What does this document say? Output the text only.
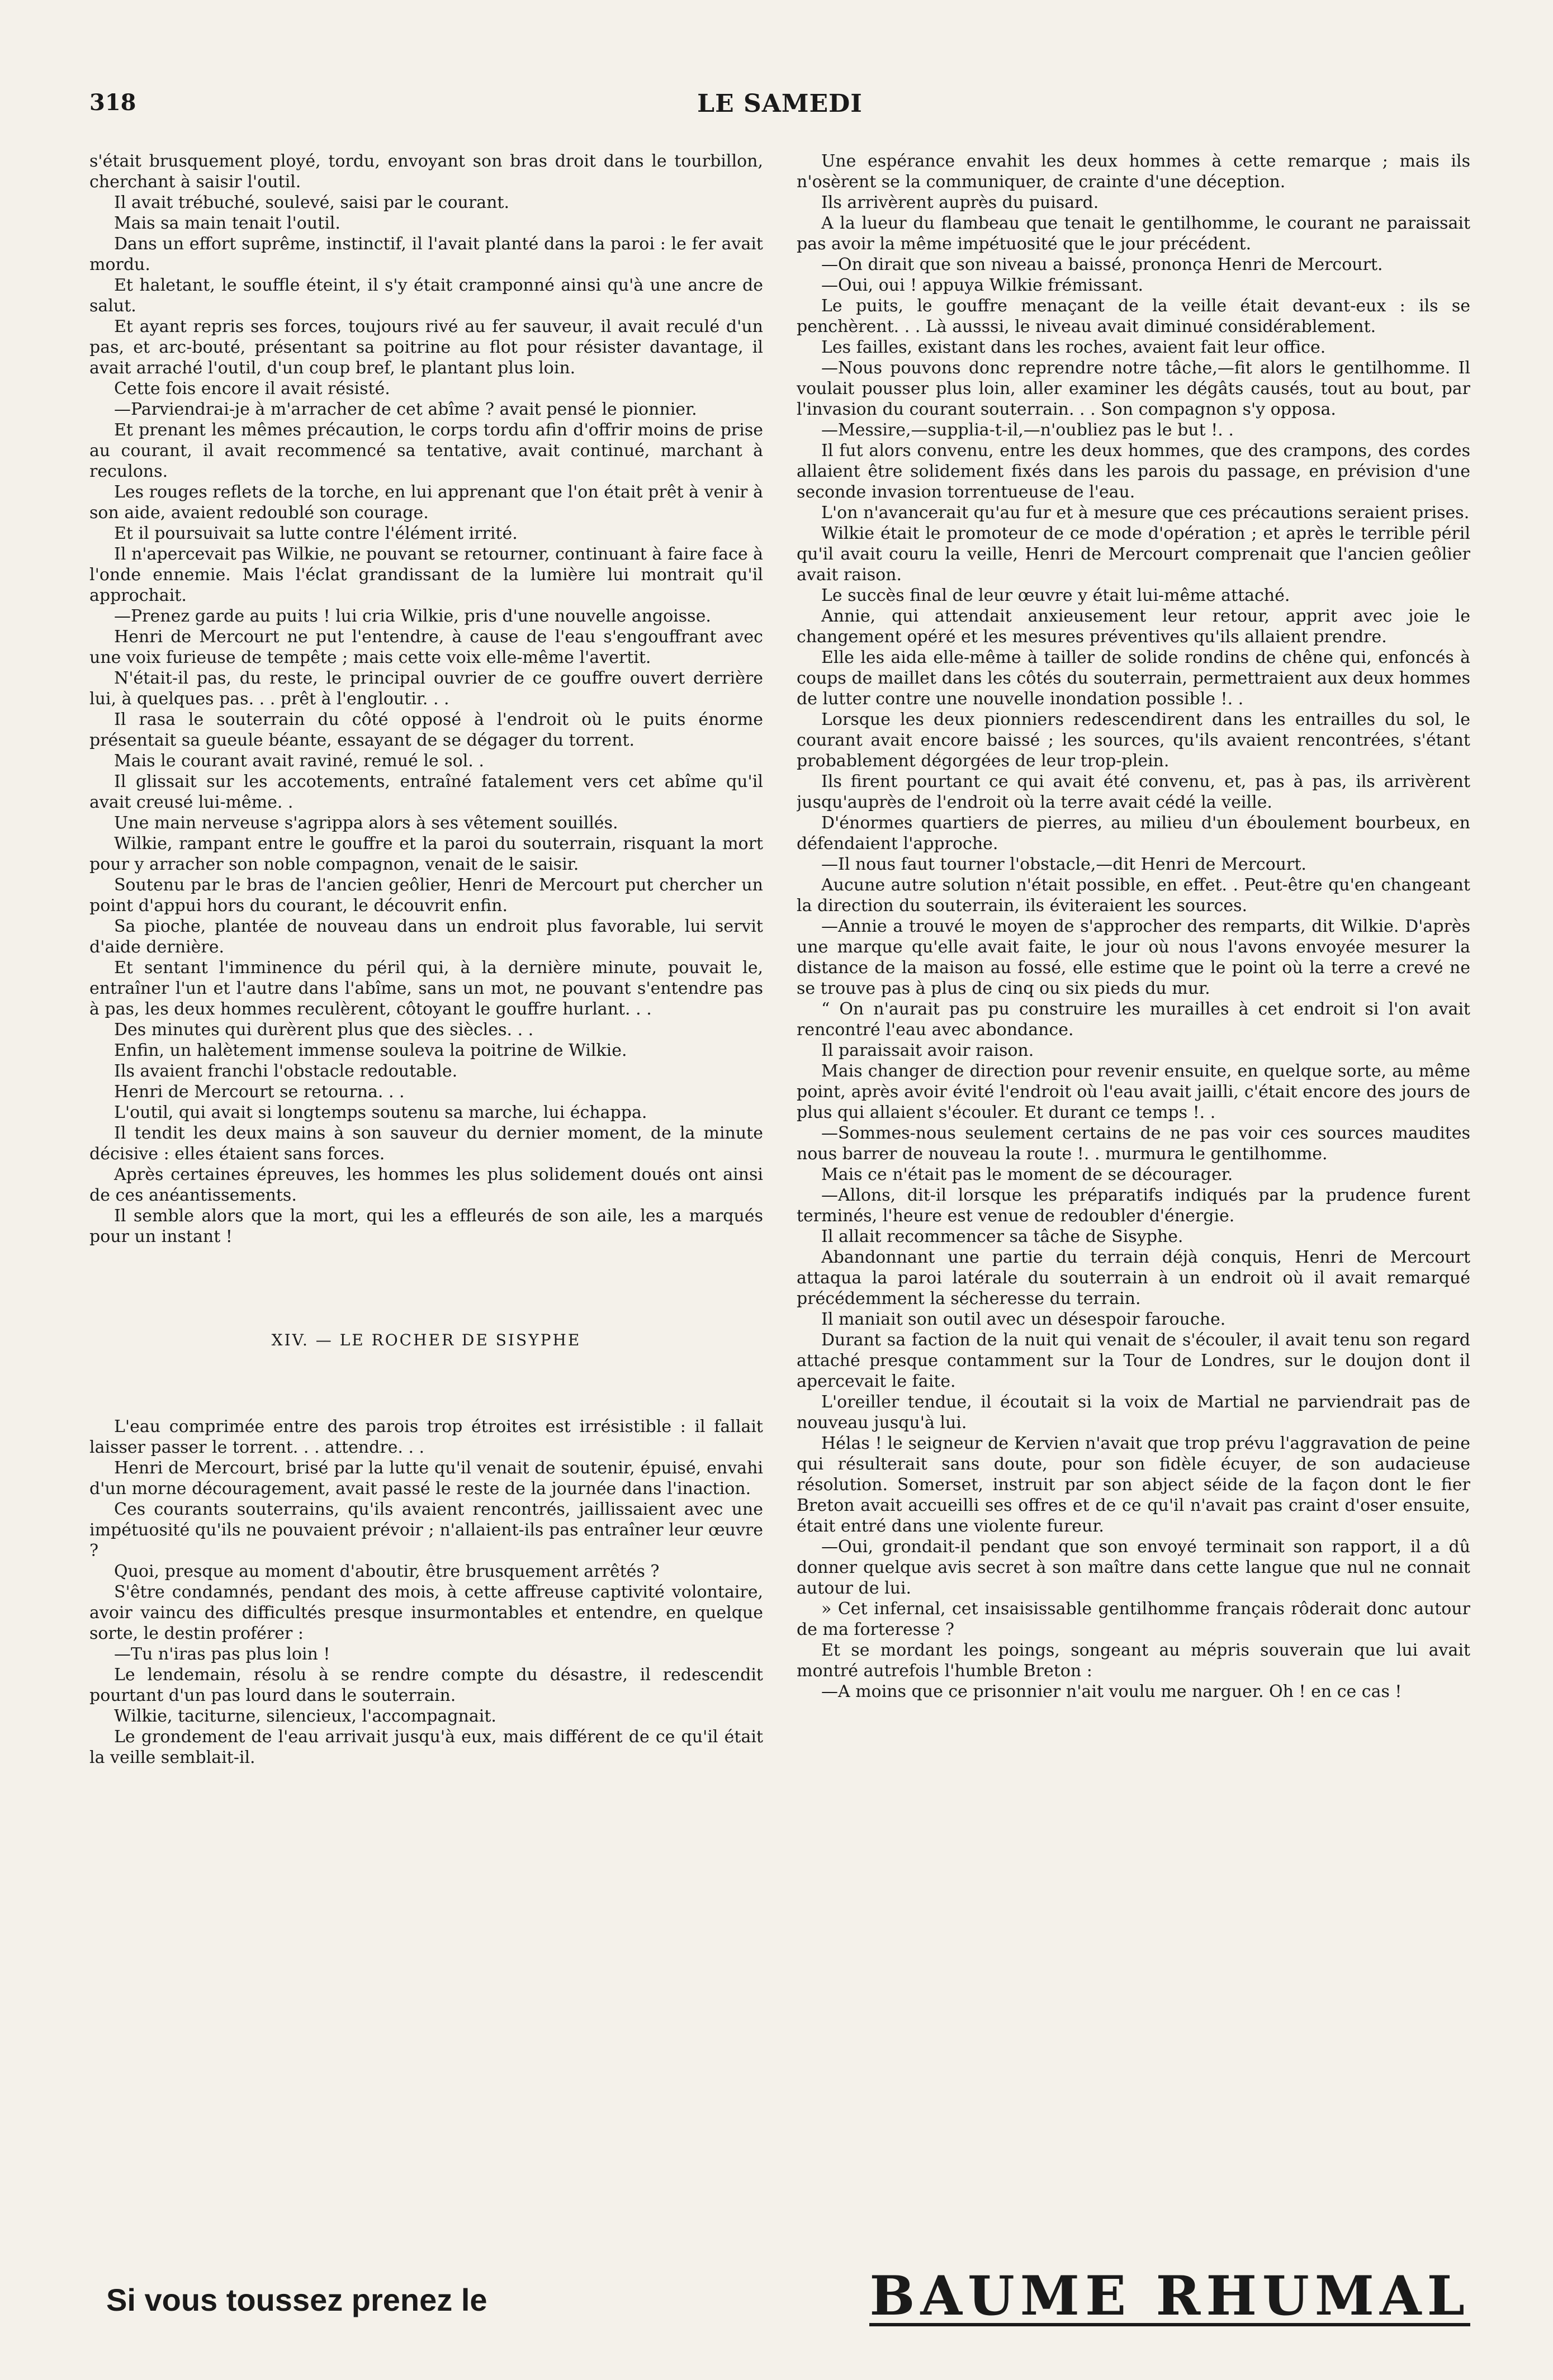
318	LE SAMEDI

s'était brusquement ployé, tordu, envoyant son bras droit dans le tourbillon, cherchant à saisir l'outil.

Il avait trébuché, soulevé, saisi par le courant.

Mais sa main tenait l'outil.

Dans un effort suprême, instinctif, il l'avait planté dans la paroi : le fer avait mordu.

Et haletant, le souffle éteint, il s'y était cramponné ainsi qu'à une ancre de salut.

Et ayant repris ses forces, toujours rivé au fer sauveur, il avait reculé d'un pas, et arc-bouté, présentant sa poitrine au flot pour résister davantage, il avait arraché l'outil, d'un coup bref, le plantant plus loin.

Cette fois encore il avait résisté.

—Parviendrai-je à m'arracher de cet abîme ? avait pensé le pionnier.

Et prenant les mêmes précaution, le corps tordu afin d'offrir moins de prise au courant, il avait recommencé sa tentative, avait continué, marchant à reculons.

Les rouges reflets de la torche, en lui apprenant que l'on était prêt à venir à son aide, avaient redoublé son courage.

Et il poursuivait sa lutte contre l'élément irrité.

Il n'apercevait pas Wilkie, ne pouvant se retourner, continuant à faire face à l'onde ennemie. Mais l'éclat grandissant de la lumière lui montrait qu'il approchait.

—Prenez garde au puits ! lui cria Wilkie, pris d'une nouvelle angoisse.

Henri de Mercourt ne put l'entendre, à cause de l'eau s'engouffrant avec une voix furieuse de tempête ; mais cette voix elle-même l'avertit.

N'était-il pas, du reste, le principal ouvrier de ce gouffre ouvert derrière lui, à quelques pas. . . prêt à l'engloutir. . .

Il rasa le souterrain du côté opposé à l'endroit où le puits énorme présentait sa gueule béante, essayant de se dégager du torrent.

Mais le courant avait raviné, remué le sol. .

Il glissait sur les accotements, entraîné fatalement vers cet abîme qu'il avait creusé lui-même. .

Une main nerveuse s'agrippa alors à ses vêtement souillés.

Wilkie, rampant entre le gouffre et la paroi du souterrain, risquant la mort pour y arracher son noble compagnon, venait de le saisir.

Soutenu par le bras de l'ancien geôlier, Henri de Mercourt put chercher un point d'appui hors du courant, le découvrit enfin.

Sa pioche, plantée de nouveau dans un endroit plus favorable, lui servit d'aide dernière.

Et sentant l'imminence du péril qui, à la dernière minute, pouvait le, entraîner l'un et l'autre dans l'abîme, sans un mot, ne pouvant s'entendre pas à pas, les deux hommes reculèrent, côtoyant le gouffre hurlant. . .

Des minutes qui durèrent plus que des siècles. . .

Enfin, un halètement immense souleva la poitrine de Wilkie.

Ils avaient franchi l'obstacle redoutable.

Henri de Mercourt se retourna. . .

L'outil, qui avait si longtemps soutenu sa marche, lui échappa.

Il tendit les deux mains à son sauveur du dernier moment, de la minute décisive : elles étaient sans forces.

Après certaines épreuves, les hommes les plus solidement doués ont ainsi de ces anéantissements.

Il semble alors que la mort, qui les a effleurés de son aile, les a marqués pour un instant !

XIV. — LE ROCHER DE SISYPHE

L'eau comprimée entre des parois trop étroites est irrésistible : il fallait laisser passer le torrent. . . attendre. . .

Henri de Mercourt, brisé par la lutte qu'il venait de soutenir, épuisé, envahi d'un morne découragement, avait passé le reste de la journée dans l'inaction.

Ces courants souterrains, qu'ils avaient rencontrés, jaillissaient avec une impétuosité qu'ils ne pouvaient prévoir ; n'allaient-ils pas entraîner leur œuvre ?

Quoi, presque au moment d'aboutir, être brusquement arrêtés ?

S'être condamnés, pendant des mois, à cette affreuse captivité volontaire, avoir vaincu des difficultés presque insurmontables et entendre, en quelque sorte, le destin proférer :

—Tu n'iras pas plus loin !

Le lendemain, résolu à se rendre compte du désastre, il redescendit pourtant d'un pas lourd dans le souterrain.

Wilkie, taciturne, silencieux, l'accompagnait.

Le grondement de l'eau arrivait jusqu'à eux, mais différent de ce qu'il était la veille semblait-il.

Une espérance envahit les deux hommes à cette remarque ; mais ils n'osèrent se la communiquer, de crainte d'une déception.

Ils arrivèrent auprès du puisard.

A la lueur du flambeau que tenait le gentilhomme, le courant ne paraissait pas avoir la même impétuosité que le jour précédent.

—On dirait que son niveau a baissé, prononça Henri de Mercourt.

—Oui, oui ! appuya Wilkie frémissant.

Le puits, le gouffre menaçant de la veille était devant-eux : ils se penchèrent. . . Là ausssi, le niveau avait diminué considérablement.

Les failles, existant dans les roches, avaient fait leur office.

—Nous pouvons donc reprendre notre tâche,—fit alors le gentilhomme. Il voulait pousser plus loin, aller examiner les dégâts causés, tout au bout, par l'invasion du courant souterrain. . . Son compagnon s'y opposa.

—Messire,—supplia-t-il,—n'oubliez pas le but !. .

Il fut alors convenu, entre les deux hommes, que des crampons, des cordes allaient être solidement fixés dans les parois du passage, en prévision d'une seconde invasion torrentueuse de l'eau.

L'on n'avancerait qu'au fur et à mesure que ces précautions seraient prises.

Wilkie était le promoteur de ce mode d'opération ; et après le terrible péril qu'il avait couru la veille, Henri de Mercourt comprenait que l'ancien geôlier avait raison.

Le succès final de leur œuvre y était lui-même attaché.

Annie, qui attendait anxieusement leur retour, apprit avec joie le changement opéré et les mesures préventives qu'ils allaient prendre.

Elle les aida elle-même à tailler de solide rondins de chêne qui, enfoncés à coups de maillet dans les côtés du souterrain, permettraient aux deux hommes de lutter contre une nouvelle inondation possible !. .

Lorsque les deux pionniers redescendirent dans les entrailles du sol, le courant avait encore baissé ; les sources, qu'ils avaient rencontrées, s'étant probablement dégorgées de leur trop-plein.

Ils firent pourtant ce qui avait été convenu, et, pas à pas, ils arrivèrent jusqu'auprès de l'endroit où la terre avait cédé la veille.

D'énormes quartiers de pierres, au milieu d'un éboulement bourbeux, en défendaient l'approche.

—Il nous faut tourner l'obstacle,—dit Henri de Mercourt.

Aucune autre solution n'était possible, en effet. . Peut-être qu'en changeant la direction du souterrain, ils éviteraient les sources.

—Annie a trouvé le moyen de s'approcher des remparts, dit Wilkie. D'après une marque qu'elle avait faite, le jour où nous l'avons envoyée mesurer la distance de la maison au fossé, elle estime que le point où la terre a crevé ne se trouve pas à plus de cinq ou six pieds du mur.

“ On n'aurait pas pu construire les murailles à cet endroit si l'on avait rencontré l'eau avec abondance.

Il paraissait avoir raison.

Mais changer de direction pour revenir ensuite, en quelque sorte, au même point, après avoir évité l'endroit où l'eau avait jailli, c'était encore des jours de plus qui allaient s'écouler. Et durant ce temps !. .

—Sommes-nous seulement certains de ne pas voir ces sources maudites nous barrer de nouveau la route !. . murmura le gentilhomme.

Mais ce n'était pas le moment de se décourager.

—Allons, dit-il lorsque les préparatifs indiqués par la prudence furent terminés, l'heure est venue de redoubler d'énergie.

Il allait recommencer sa tâche de Sisyphe.

Abandonnant une partie du terrain déjà conquis, Henri de Mercourt attaqua la paroi latérale du souterrain à un endroit où il avait remarqué précédemment la sécheresse du terrain.

Il maniait son outil avec un désespoir farouche.

Durant sa faction de la nuit qui venait de s'écouler, il avait tenu son regard attaché presque contamment sur la Tour de Londres, sur le doujon dont il apercevait le faite.

L'oreiller tendue, il écoutait si la voix de Martial ne parviendrait pas de nouveau jusqu'à lui.

Hélas ! le seigneur de Kervien n'avait que trop prévu l'aggravation de peine qui résulterait sans doute, pour son fidèle écuyer, de son audacieuse résolution. Somerset, instruit par son abject séide de la façon dont le fier Breton avait accueilli ses offres et de ce qu'il n'avait pas craint d'oser ensuite, était entré dans une violente fureur.

—Oui, grondait-il pendant que son envoyé terminait son rapport, il a dû donner quelque avis secret à son maître dans cette langue que nul ne connait autour de lui.

» Cet infernal, cet insaisissable gentilhomme français rôderait donc autour de ma forteresse ?

Et se mordant les poings, songeant au mépris souverain que lui avait montré autrefois l'humble Breton :

—A moins que ce prisonnier n'ait voulu me narguer. Oh ! en ce cas !

Si vous toussez prenez le	BAUME RHUMAL
